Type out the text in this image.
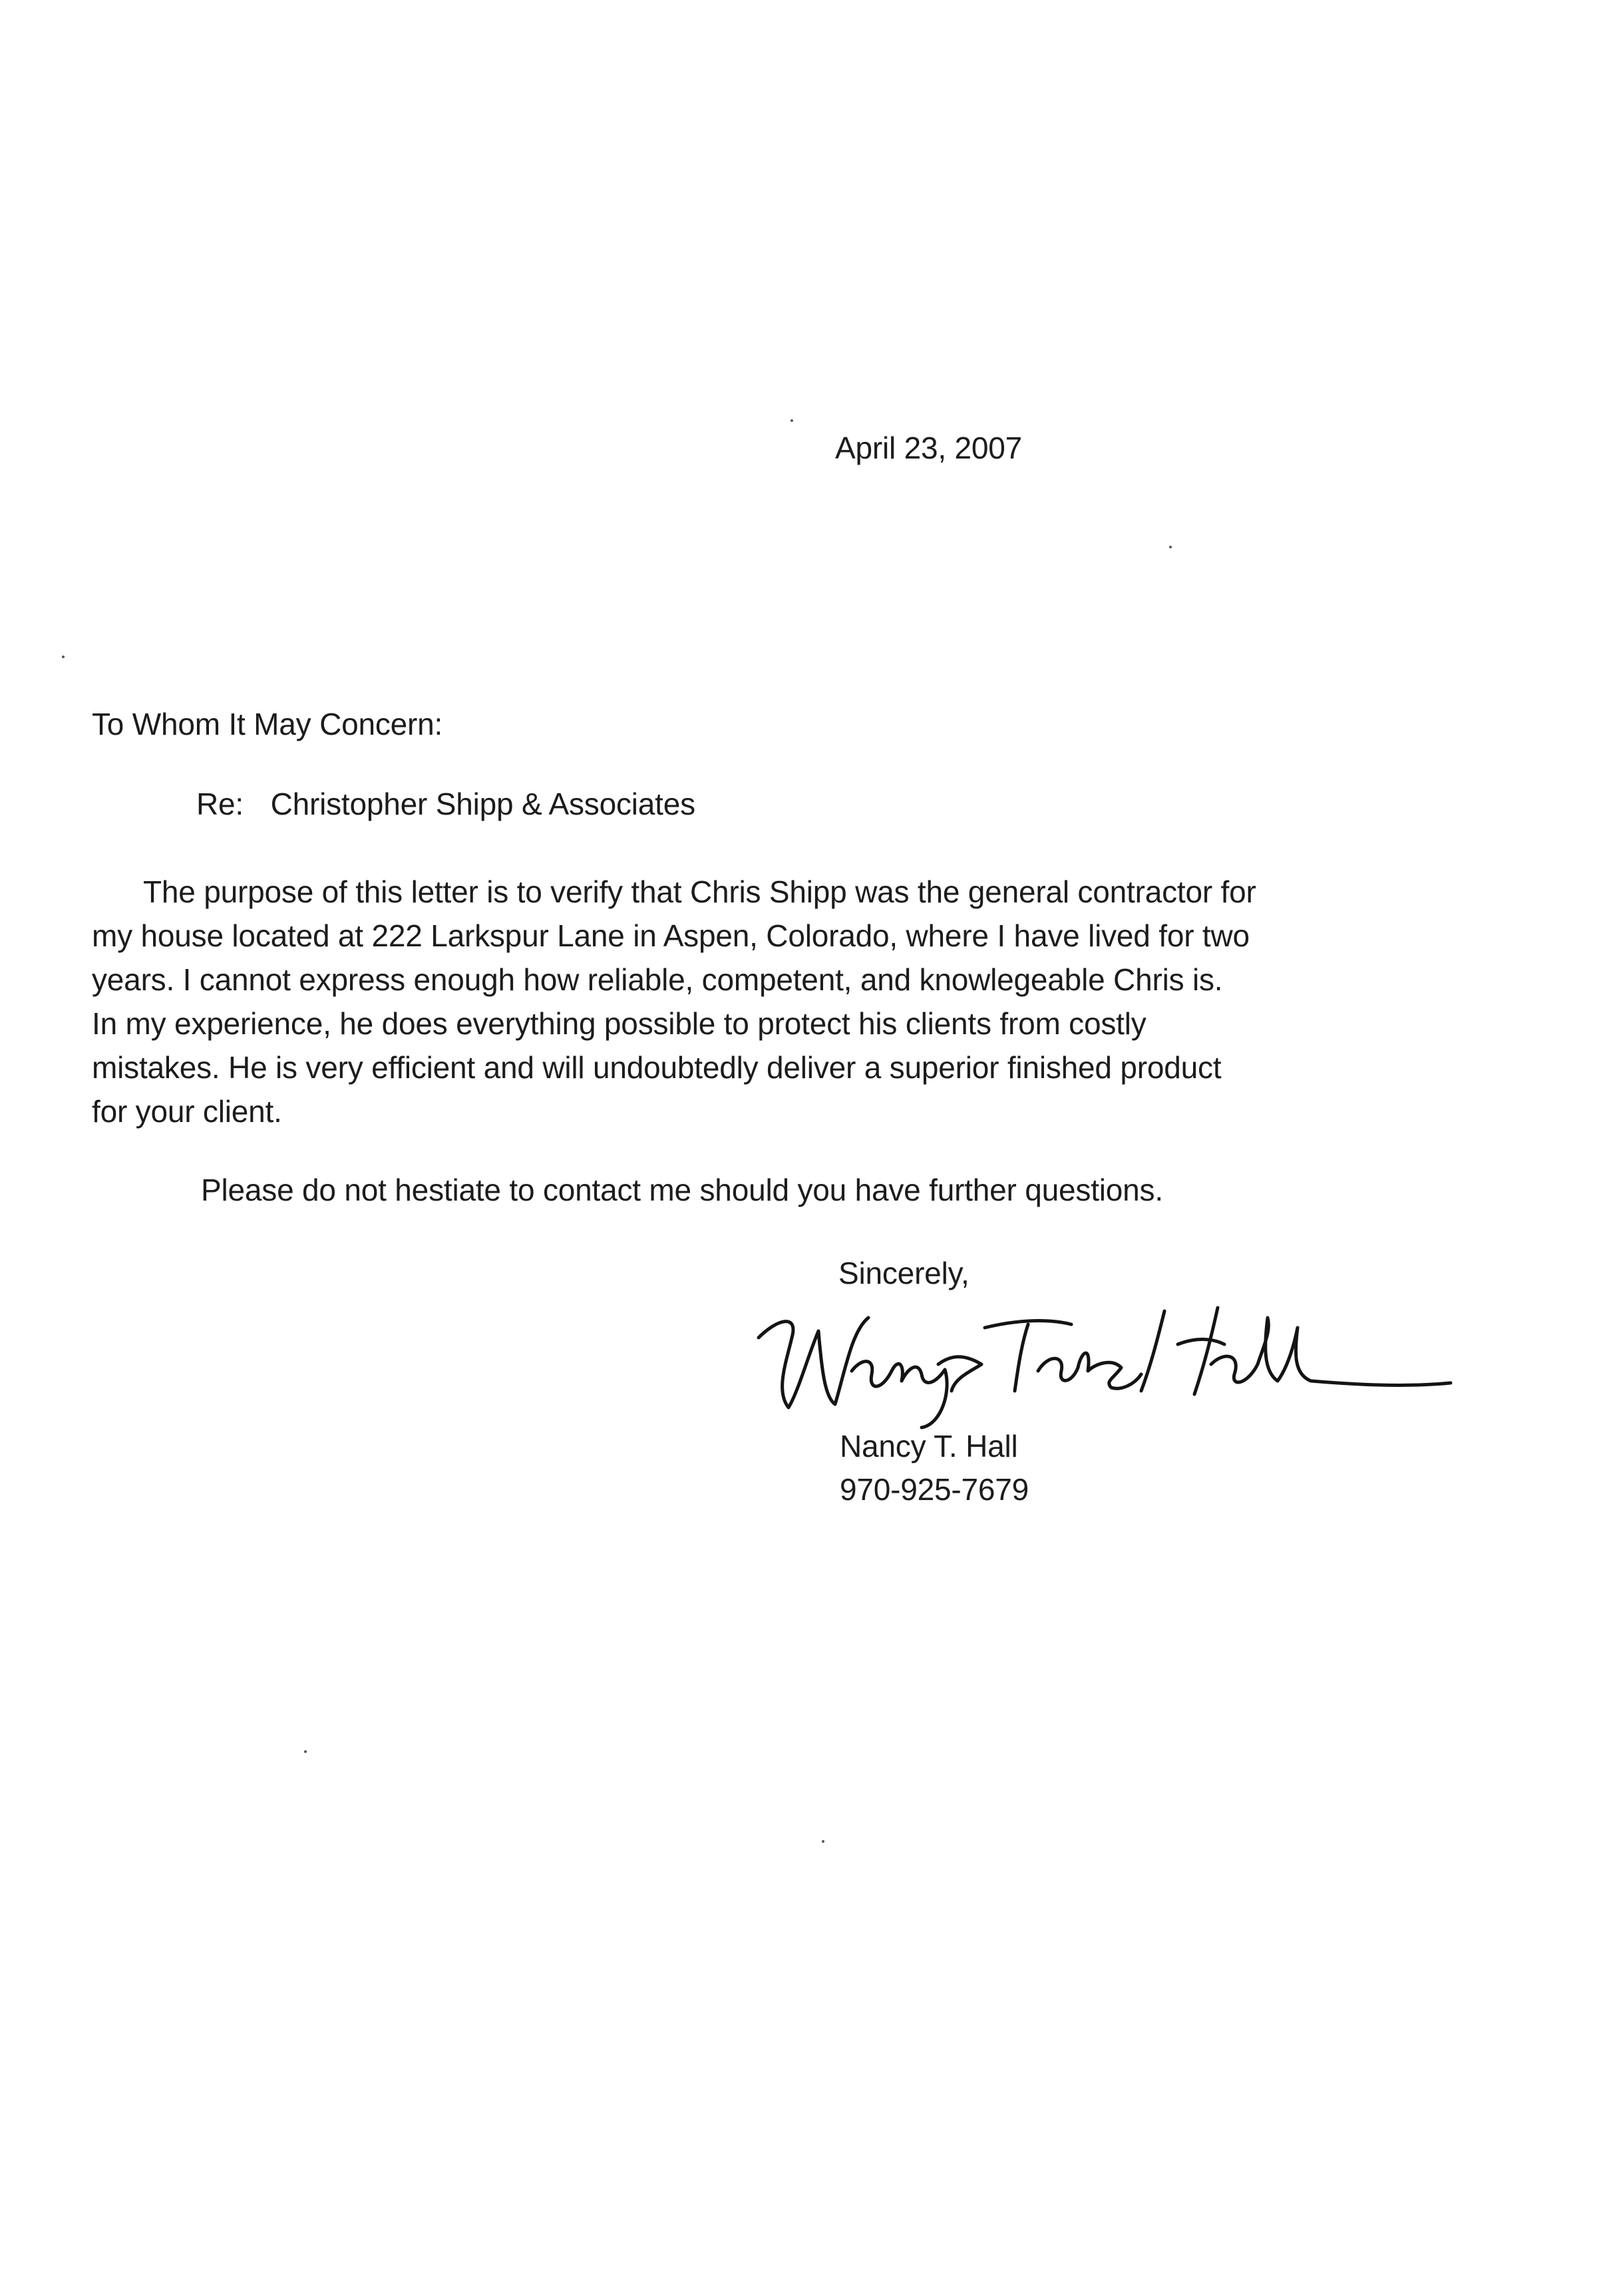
April 23, 2007

To Whom It May Concern:

Re: Christopher Shipp & Associates

The purpose of this letter is to verify that Chris Shipp was the general contractor for

my house located at 222 Larkspur Lane in Aspen, Colorado, where I have lived for two

years. I cannot express enough how reliable, competent, and knowlegeable Chris is.

In my experience, he does everything possible to protect his clients from costly

mistakes. He is very efficient and will undoubtedly deliver a superior finished product

for your client.

Please do not hestiate to contact me should you have further questions.

Sincerely,

Nancy T. Hall

970-925-7679
